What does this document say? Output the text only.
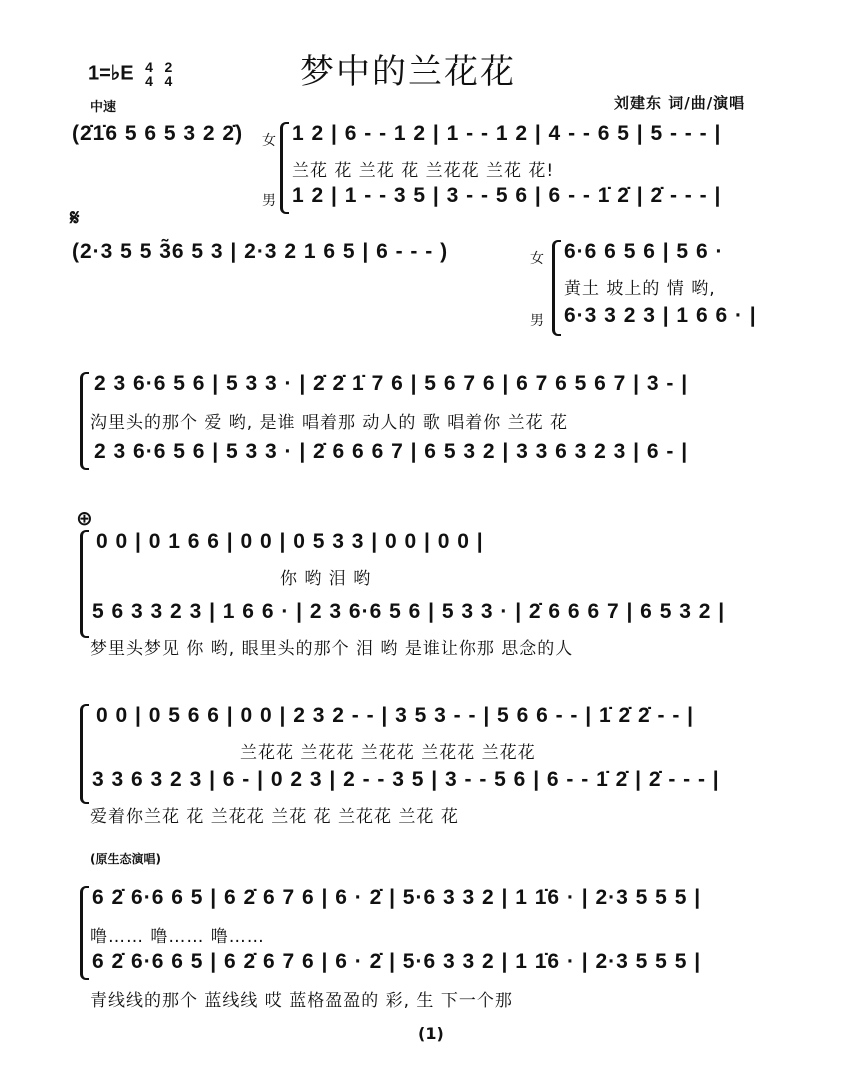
1=♭E 4
4

2
4	梦中的兰花花
中速	刘建东 词/曲/演唱
(2̇1̇6 5 6 5 3 2 2̇) 女
男
1 2 | 6 - - 1 2 | 1 - - 1 2 | 4 - - 6 5 | 5 - - - |
兰花 花 兰花 花 兰花花 兰花 花!
1 2 | 1 - - 3 5 | 3 - - 5 6 | 6 - - 1̇ 2̇ | 2̇ - - - |
𝄋
(2·3 5 5 3̃6 5 3 | 2·3 2 1 6 5 | 6 - - - )	女
男
6·6 6 5 6 | 5 6 ·
黄土 坡上的 情 哟,
6·3 3 2 3 | 1 6 6 · |
2 3 6·6 5 6 | 5 3 3 · | 2̇ 2̇ 1̇ 7 6 | 5 6 7 6 | 6 7 6 5 6 7 | 3 - |
沟里头的那个 爱 哟, 是谁 唱着那 动人的 歌 唱着你 兰花 花
2 3 6·6 5 6 | 5 3 3 · | 2̇ 6 6 6 7 | 6 5 3 2 | 3 3 6 3 2 3 | 6 - |
⊕
0 0 | 0 1 6 6 | 0 0 | 0 5 3 3 | 0 0 | 0 0 |
你 哟 泪 哟
5 6 3 3 2 3 | 1 6 6 · | 2 3 6·6 5 6 | 5 3 3 · | 2̇ 6 6 6 7 | 6 5 3 2 |
梦里头梦见 你 哟, 眼里头的那个 泪 哟 是谁让你那 思念的人
0 0 | 0 5 6 6 | 0 0 | 2 3 2 - - | 3 5 3 - - | 5 6 6 - - | 1̇ 2̇ 2̇ - - |
兰花花 兰花花 兰花花 兰花花 兰花花
3 3 6 3 2 3 | 6 - | 0 2 3 | 2 - - 3 5 | 3 - - 5 6 | 6 - - 1̇ 2̇ | 2̇ - - - |
爱着你兰花 花 兰花花 兰花 花 兰花花 兰花 花
(原生态演唱)
6 2̇ 6·6 6 5 | 6 2̇ 6 7 6 | 6 · 2̇ | 5·6 3 3 2 | 1 1̇6 · | 2·3 5 5 5 |
噜…… 噜…… 噜……
6 2̇ 6·6 6 5 | 6 2̇ 6 7 6 | 6 · 2̇ | 5·6 3 3 2 | 1 1̇6 · | 2·3 5 5 5 |
青线线的那个 蓝线线 哎 蓝格盈盈的 彩, 生 下一个那
(1)
